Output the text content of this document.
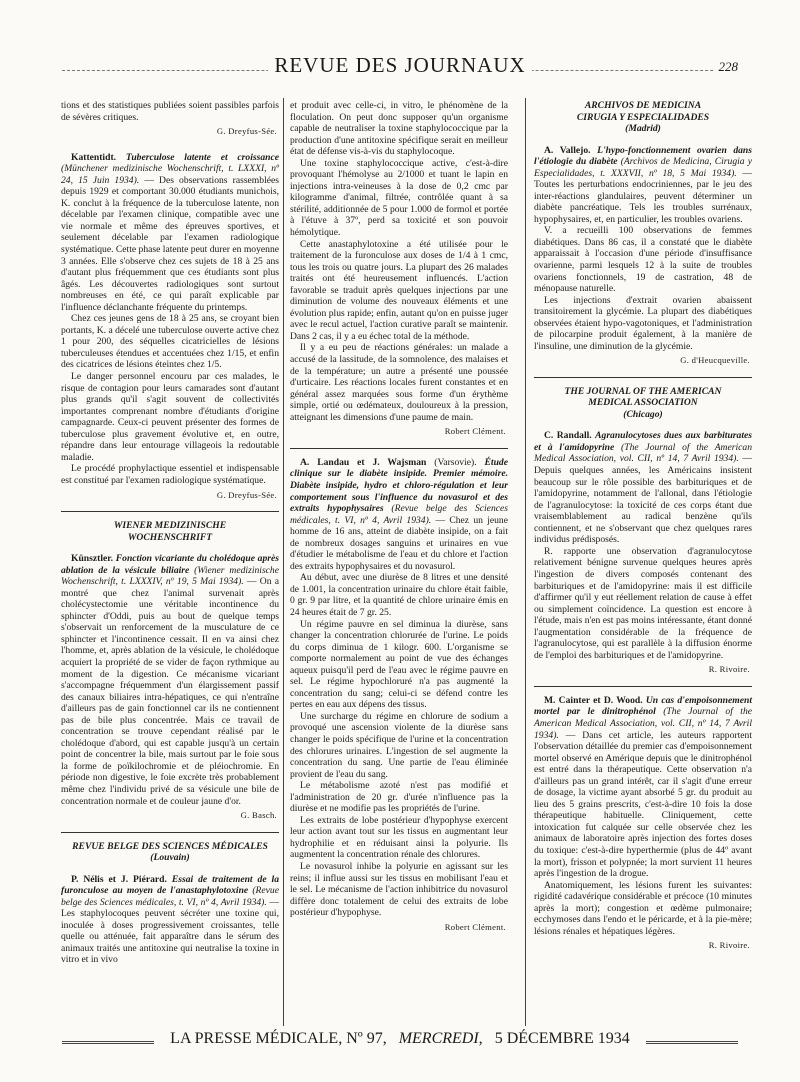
REVUE DES JOURNAUX	228

tions et des statistiques publiées soient passibles parfois de sévères critiques.

G. Dreyfus-Sée.

Kattentidt. Tuberculose latente et croissance (Münchener medizinische Wochenschrift, t. LXXXI, nº 24, 15 Juin 1934). — Des observations rassemblées depuis 1929 et comportant 30.000 étudiants munichois, K. conclut à la fréquence de la tuberculose latente, non décelable par l'examen clinique, compatible avec une vie normale et même des épreuves sportives, et seulement décelable par l'examen radiologique systématique. Cette phase latente peut durer en moyenne 3 années. Elle s'observe chez ces sujets de 18 à 25 ans d'autant plus fréquemment que ces étudiants sont plus âgés. Les découvertes radiologiques sont surtout nombreuses en été, ce qui paraît explicable par l'influence déclanchante fréquente du printemps.

Chez ces jeunes gens de 18 à 25 ans, se croyant bien portants, K. a décelé une tuberculose ouverte active chez 1 pour 200, des séquelles cicatricielles de lésions tuberculeuses étendues et accentuées chez 1/15, et enfin des cicatrices de lésions éteintes chez 1/5.

Le danger personnel encouru par ces malades, le risque de contagion pour leurs camarades sont d'autant plus grands qu'il s'agit souvent de collectivités importantes comprenant nombre d'étudiants d'origine campagnarde. Ceux-ci peuvent présenter des formes de tuberculose plus gravement évolutive et, en outre, répandre dans leur entourage villageois la redoutable maladie.

Le procédé prophylactique essentiel et indispensable est constitué par l'examen radiologique systématique.

G. Dreyfus-Sée.
WIENER MEDIZINISCHE
WOCHENSCHRIFT

Künsztler. Fonction vicariante du cholédoque après ablation de la vésicule biliaire (Wiener medizinische Wochenschrift, t. LXXXIV, nº 19, 5 Mai 1934). — On a montré que chez l'animal survenait après cholécystectomie une véritable incontinence du sphincter d'Oddi, puis au bout de quelque temps s'observait un renforcement de la musculature de ce sphincter et l'incontinence cessait. Il en va ainsi chez l'homme, et, après ablation de la vésicule, le cholédoque acquiert la propriété de se vider de façon rythmique au moment de la digestion. Ce mécanisme vicariant s'accompagne fréquemment d'un élargissement passif des canaux biliaires intra-hépatiques, ce qui n'entraîne d'ailleurs pas de gain fonctionnel car ils ne contiennent pas de bile plus concentrée. Mais ce travail de concentration se trouve cependant réalisé par le cholédoque d'abord, qui est capable jusqu'à un certain point de concentrer la bile, mais surtout par le foie sous la forme de poïkilochromie et de pléiochromie. En période non digestive, le foie excrète très probablement même chez l'individu privé de sa vésicule une bile de concentration normale et de couleur jaune d'or.

G. Basch.
REVUE BELGE DES SCIENCES MÉDICALES
(Louvain)

P. Nélis et J. Piérard. Essai de traitement de la furonculose au moyen de l'anastaphylotoxine (Revue belge des Sciences médicales, t. VI, nº 4, Avril 1934). — Les staphylocoques peuvent sécréter une toxine qui, inoculée à doses progressivement croissantes, telle quelle ou atténuée, fait apparaître dans le sérum des animaux traités une antitoxine qui neutralise la toxine in vitro et in vivo

et produit avec celle-ci, in vitro, le phénomène de la floculation. On peut donc supposer qu'un organisme capable de neutraliser la toxine staphylococcique par la production d'une antitoxine spécifique serait en meilleur état de défense vis-à-vis du staphylocoque.

Une toxine staphylococcique active, c'est-à-dire provoquant l'hémolyse au 2/1000 et tuant le lapin en injections intra-veineuses à la dose de 0,2 cmc par kilogramme d'animal, filtrée, contrôlée quant à sa stérilité, additionnée de 5 pour 1.000 de formol et portée à l'étuve à 37º, perd sa toxicité et son pouvoir hémolytique.

Cette anastaphylotoxine a été utilisée pour le traitement de la furonculose aux doses de 1/4 à 1 cmc, tous les trois ou quatre jours. La plupart des 26 malades traités ont été heureusement influencés. L'action favorable se traduit après quelques injections par une diminution de volume des nouveaux éléments et une évolution plus rapide; enfin, autant qu'on en puisse juger avec le recul actuel, l'action curative paraît se maintenir. Dans 2 cas, il y a eu échec total de la méthode.

Il y a eu peu de réactions générales: un malade a accusé de la lassitude, de la somnolence, des malaises et de la température; un autre a présenté une poussée d'urticaire. Les réactions locales furent constantes et en général assez marquées sous forme d'un érythème simple, ortié ou œdémateux, douloureux à la pression, atteignant les dimensions d'une paume de main.

Robert Clément.

A. Landau et J. Wajsman (Varsovie). Étude clinique sur le diabète insipide. Premier mémoire. Diabète insipide, hydro et chloro-régulation et leur comportement sous l'influence du novasurol et des extraits hypophysaires (Revue belge des Sciences médicales, t. VI, nº 4, Avril 1934). — Chez un jeune homme de 16 ans, atteint de diabète insipide, on a fait de nombreux dosages sanguins et urinaires en vue d'étudier le métabolisme de l'eau et du chlore et l'action des extraits hypophysaires et du novasurol.

Au début, avec une diurèse de 8 litres et une densité de 1.001, la concentration urinaire du chlore était faible, 0 gr. 9 par litre, et la quantité de chlore urinaire émis en 24 heures était de 7 gr. 25.

Un régime pauvre en sel diminua la diurèse, sans changer la concentration chlorurée de l'urine. Le poids du corps diminua de 1 kilogr. 600. L'organisme se comporte normalement au point de vue des échanges aqueux puisqu'il perd de l'eau avec le régime pauvre en sel. Le régime hypochloruré n'a pas augmenté la concentration du sang; celui-ci se défend contre les pertes en eau aux dépens des tissus.

Une surcharge du régime en chlorure de sodium a provoqué une ascension violente de la diurèse sans changer le poids spécifique de l'urine et la concentration des chlorures urinaires. L'ingestion de sel augmente la concentration du sang. Une partie de l'eau éliminée provient de l'eau du sang.

Le métabolisme azoté n'est pas modifié et l'administration de 20 gr. d'urée n'influence pas la diurèse et ne modifie pas les propriétés de l'urine.

Les extraits de lobe postérieur d'hypophyse exercent leur action avant tout sur les tissus en augmentant leur hydrophilie et en réduisant ainsi la polyurie. Ils augmentent la concentration rénale des chlorures.

Le novasurol inhibe la polyurie en agissant sur les reins; il influe aussi sur les tissus en mobilisant l'eau et le sel. Le mécanisme de l'action inhibitrice du novasurol diffère donc totalement de celui des extraits de lobe postérieur d'hypophyse.

Robert Clément.
ARCHIVOS DE MEDICINA
CIRUGIA Y ESPECIALIDADES
(Madrid)

A. Vallejo. L'hypo-fonctionnement ovarien dans l'étiologie du diabète (Archivos de Medicina, Cirugia y Especialidades, t. XXXVII, nº 18, 5 Mai 1934). — Toutes les perturbations endocriniennes, par le jeu des inter-réactions glandulaires, peuvent déterminer un diabète pancréatique. Tels les troubles surrénaux, hypophysaires, et, en particulier, les troubles ovariens.

V. a recueilli 100 observations de femmes diabétiques. Dans 86 cas, il a constaté que le diabète apparaissait à l'occasion d'une période d'insuffisance ovarienne, parmi lesquels 12 à la suite de troubles ovariens fonctionnels, 19 de castration, 48 de ménopause naturelle.

Les injections d'extrait ovarien abaissent transitoirement la glycémie. La plupart des diabétiques observées étaient hypo-vagotoniques, et l'administration de pilocarpine produit également, à la manière de l'insuline, une diminution de la glycémie.

G. d'Heucqueville.
THE JOURNAL OF THE AMERICAN
MEDICAL ASSOCIATION
(Chicago)

C. Randall. Agranulocytoses dues aux barbiturates et à l'amidopyrine (The Journal of the American Medical Association, vol. CII, nº 14, 7 Avril 1934). — Depuis quelques années, les Américains insistent beaucoup sur le rôle possible des barbituriques et de l'amidopyrine, notamment de l'allonal, dans l'étiologie de l'agranulocytose: la toxicité de ces corps étant due vraisemblablement au radical benzène qu'ils contiennent, et ne s'observant que chez quelques rares individus prédisposés.

R. rapporte une observation d'agranulocytose relativement bénigne survenue quelques heures après l'ingestion de divers composés contenant des barbituriques et de l'amidopyrine: mais il est difficile d'affirmer qu'il y eut réellement relation de cause à effet ou simplement coïncidence. La question est encore à l'étude, mais n'en est pas moins intéressante, étant donné l'augmentation considérable de la fréquence de l'agranulocytose, qui est parallèle à la diffusion énorme de l'emploi des barbituriques et de l'amidopyrine.

R. Rivoire.

M. Cainter et D. Wood. Un cas d'empoisonnement mortel par le dinitrophénol (The Journal of the American Medical Association, vol. CII, nº 14, 7 Avril 1934). — Dans cet article, les auteurs rapportent l'observation détaillée du premier cas d'empoisonnement mortel observé en Amérique depuis que le dinitrophénol est entré dans la thérapeutique. Cette observation n'a d'ailleurs pas un grand intérêt, car il s'agit d'une erreur de dosage, la victime ayant absorbé 5 gr. du produit au lieu des 5 grains prescrits, c'est-à-dire 10 fois la dose thérapeutique habituelle. Cliniquement, cette intoxication fut calquée sur celle observée chez les animaux de laboratoire après injection des fortes doses du toxique: c'est-à-dire hyperthermie (plus de 44º avant la mort), frisson et polypnée; la mort survient 11 heures après l'ingestion de la drogue.

Anatomiquement, les lésions furent les suivantes: rigidité cadavérique considérable et précoce (10 minutes après la mort); congestion et œdème pulmonaire; ecchymoses dans l'endo et le péricarde, et à la pie-mère; lésions rénales et hépatiques légères.

R. Rivoire.
LA PRESSE MÉDICALE, Nº 97, MERCREDI, 5 DÉCEMBRE 1934
